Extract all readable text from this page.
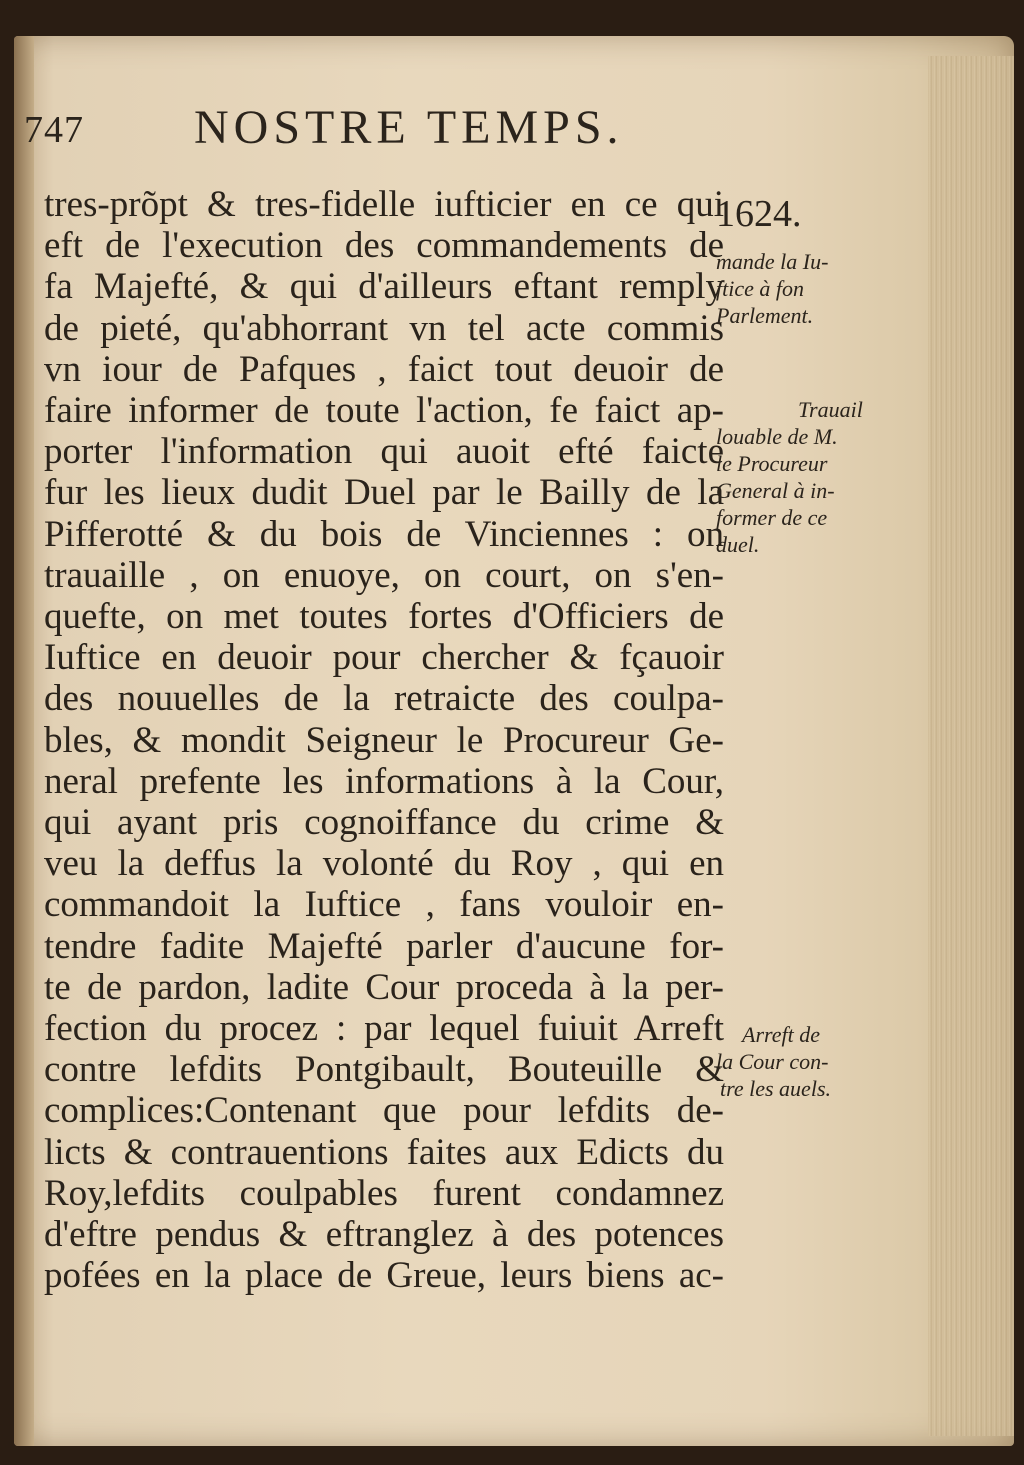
747 NOSTRE TEMPS.
1624.
tres-prõpt & tres-fidelle iufticier en ce qui
eft de l'execution des commandements de
fa Majefté, & qui d'ailleurs eftant remply
de pieté, qu'abhorrant vn tel acte commis
vn iour de Pafques , faict tout deuoir de
faire informer de toute l'action, fe faict ap-
porter l'information qui auoit efté faicte
fur les lieux dudit Duel par le Bailly de la
Pifferotté & du bois de Vinciennes : on
trauaille , on enuoye, on court, on s'en-
quefte, on met toutes fortes d'Officiers de
Iuftice en deuoir pour chercher & fçauoir
des nouuelles de la retraicte des coulpa-
bles, & mondit Seigneur le Procureur Ge-
neral prefente les informations à la Cour,
qui ayant pris cognoiffance du crime &
veu la deffus la volonté du Roy , qui en
commandoit la Iuftice , fans vouloir en-
tendre fadite Majefté parler d'aucune for-
te de pardon, ladite Cour proceda à la per-
fection du procez : par lequel fuiuit Arreft
contre lefdits Pontgibault, Bouteuille &
complices:Contenant que pour lefdits de-
licts & contrauentions faites aux Edicts du
Roy,lefdits coulpables furent condamnez
d'eftre pendus & eftranglez à des potences
pofées en la place de Greue, leurs biens ac-
mande la Iu-
ftice à fon
Parlement.
Trauail
louable de M.
le Procureur
General à in-
former de ce
duel.
Arreft de
la Cour con-
tre les auels.
